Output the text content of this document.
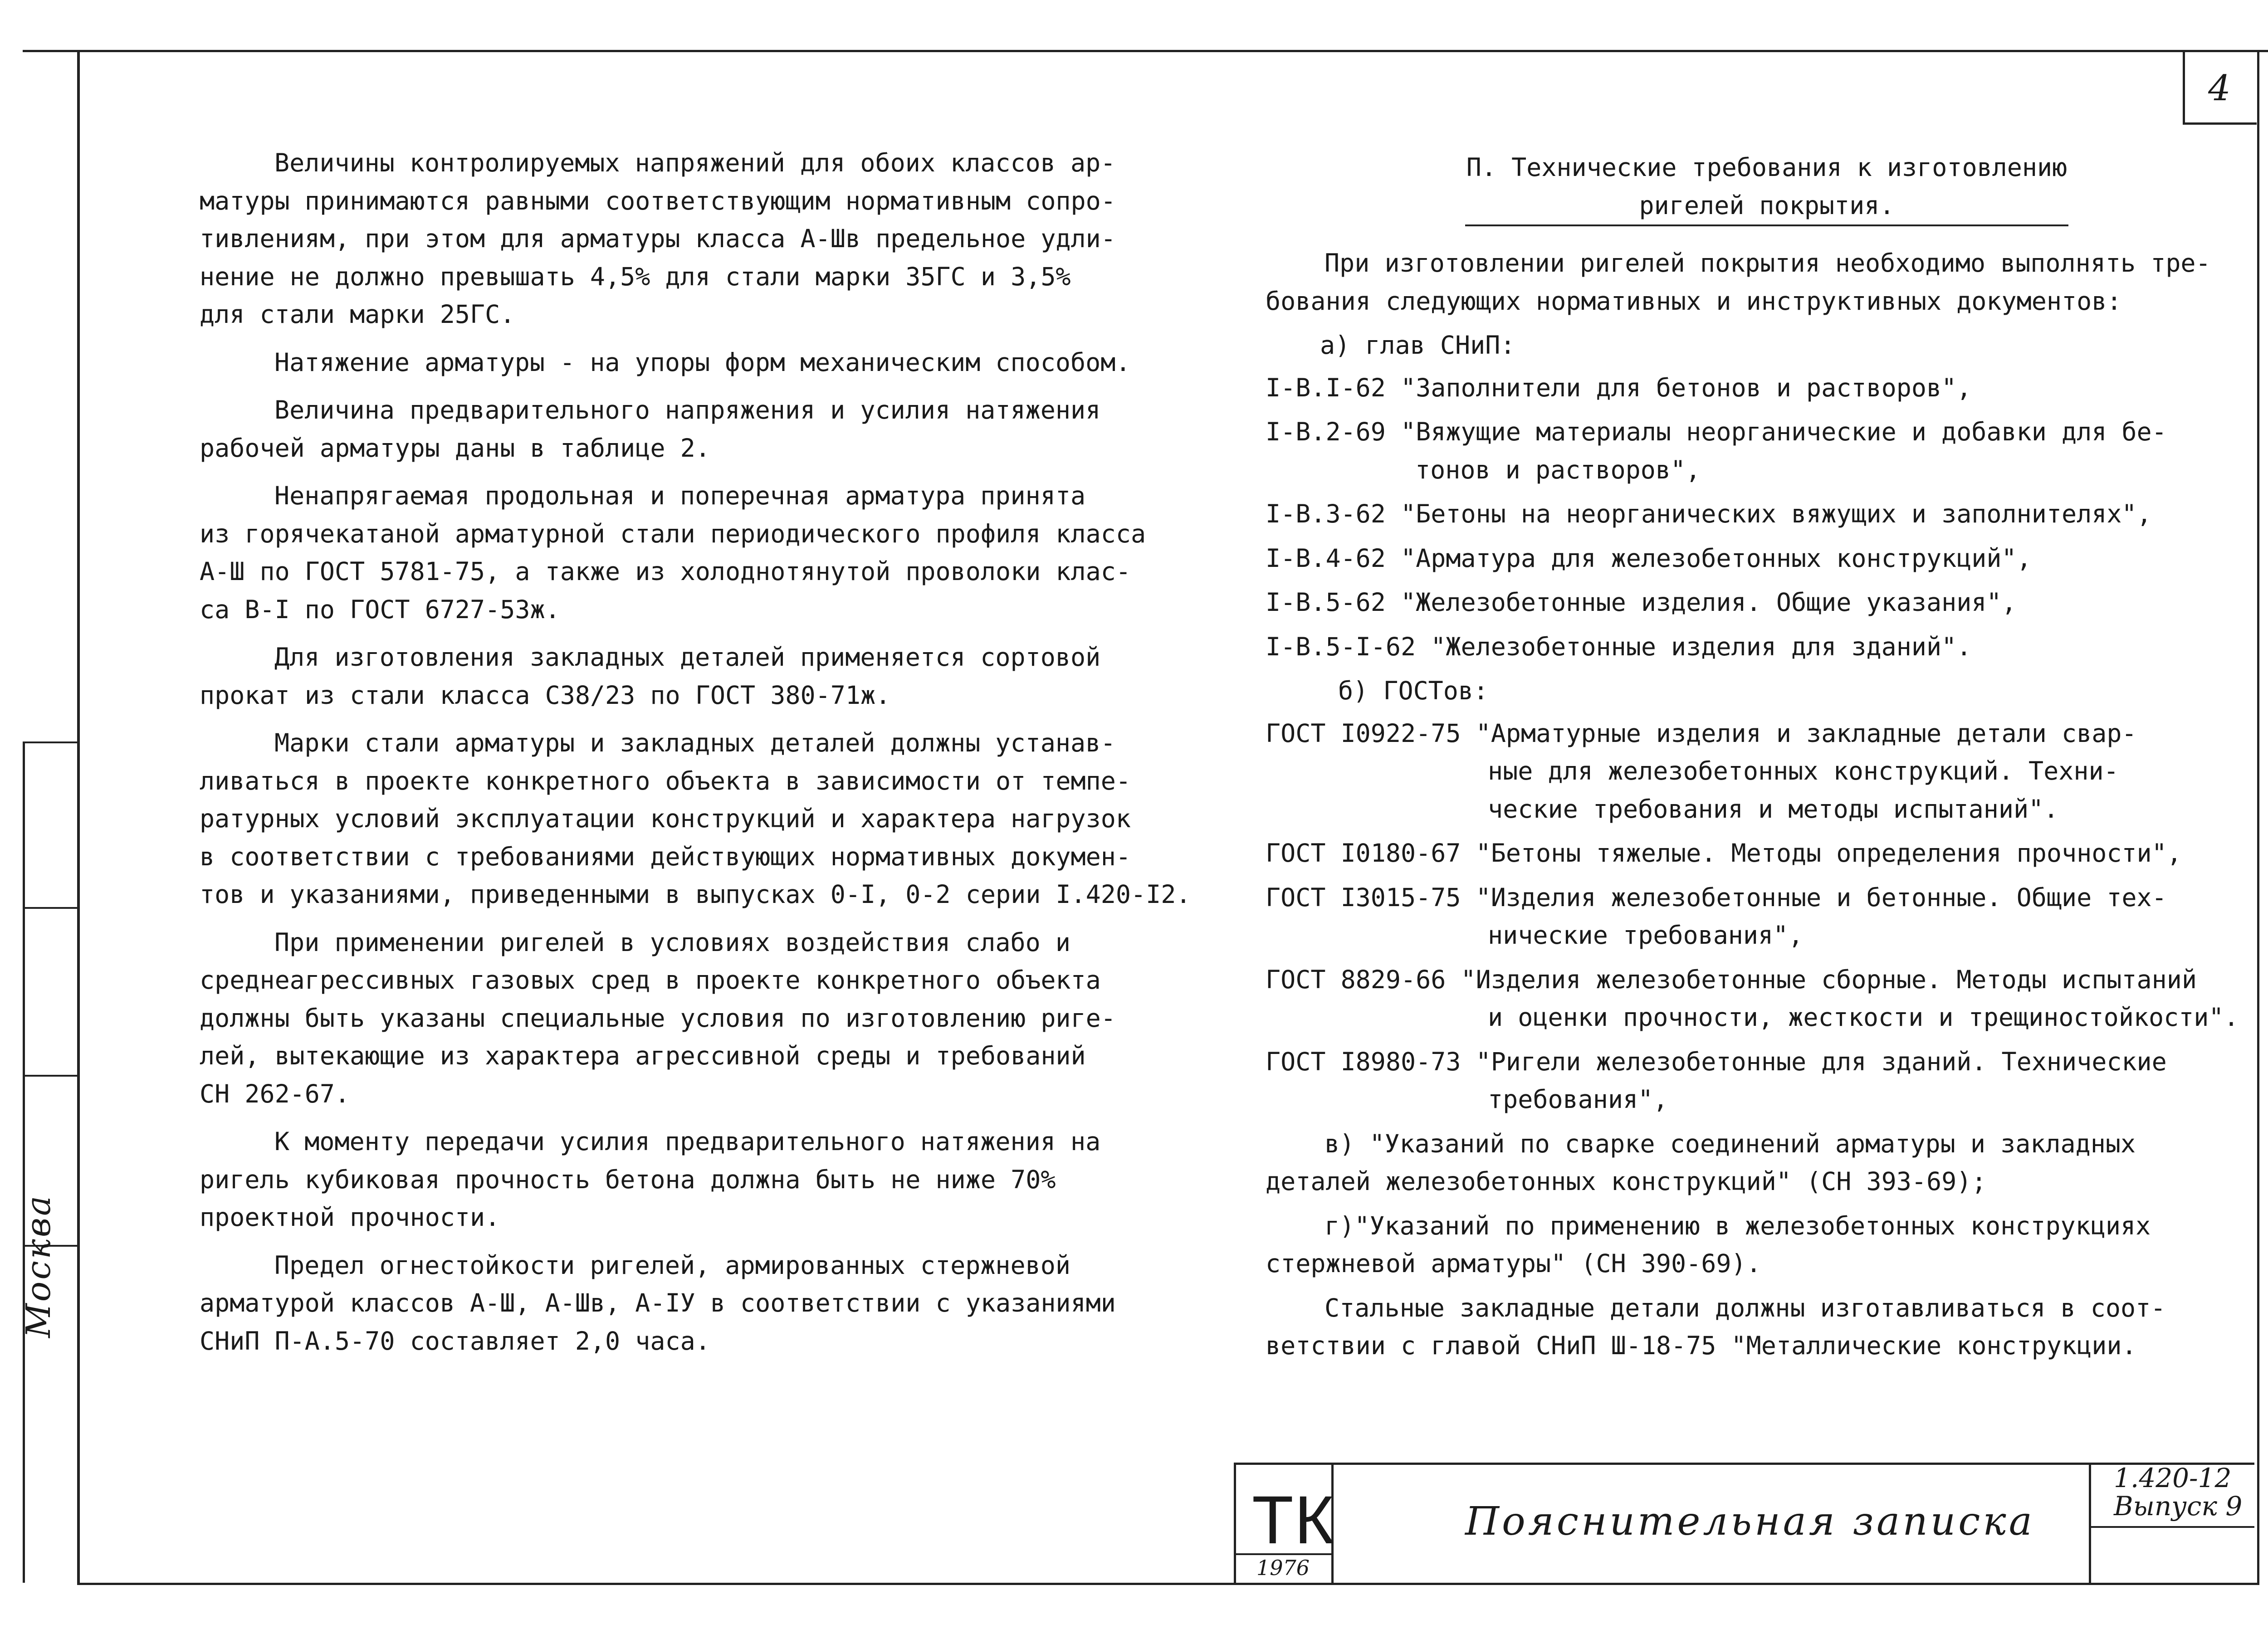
4
Москва
Величины контролируемых напряжений для обоих классов ар-
матуры принимаются равными соответствующим нормативным сопро-
тивлениям, при этом для арматуры класса А-Шв предельное удли-
нение не должно превышать 4,5% для стали марки 35ГС и 3,5%
для стали марки 25ГС.
Натяжение арматуры - на упоры форм механическим способом.
Величина предварительного напряжения и усилия натяжения
рабочей арматуры даны в таблице 2.
Ненапрягаемая продольная и поперечная арматура принята
из горячекатаной арматурной стали периодического профиля класса
А-Ш по ГОСТ 5781-75, а также из холоднотянутой проволоки клас-
са В-I по ГОСТ 6727-53ж.
Для изготовления закладных деталей применяется сортовой
прокат из стали класса С38/23 по ГОСТ 380-71ж.
Марки стали арматуры и закладных деталей должны устанав-
ливаться в проекте конкретного объекта в зависимости от темпе-
ратурных условий эксплуатации конструкций и характера нагрузок
в соответствии с требованиями действующих нормативных докумен-
тов и указаниями, приведенными в выпусках 0-I, 0-2 серии I.420-I2.
При применении ригелей в условиях воздействия слабо и
среднеагрессивных газовых сред в проекте конкретного объекта
должны быть указаны специальные условия по изготовлению риге-
лей, вытекающие из характера агрессивной среды и требований
СН 262-67.
К моменту передачи усилия предварительного натяжения на
ригель кубиковая прочность бетона должна быть не ниже 70%
проектной прочности.
Предел огнестойкости ригелей, армированных стержневой
арматурой классов А-Ш, А-Шв, А-IУ в соответствии с указаниями
СНиП П-А.5-70 составляет 2,0 часа.
П. Технические требования к изготовлению
ригелей покрытия.
При изготовлении ригелей покрытия необходимо выполнять тре-
бования следующих нормативных и инструктивных документов:
а) глав СНиП:
I-В.I-62 "Заполнители для бетонов и растворов",
I-В.2-69 "Вяжущие материалы неорганические и добавки для бе-
тонов и растворов",
I-В.3-62 "Бетоны на неорганических вяжущих и заполнителях",
I-В.4-62 "Арматура для железобетонных конструкций",
I-В.5-62 "Железобетонные изделия. Общие указания",
I-В.5-I-62 "Железобетонные изделия для зданий".
б) ГОСТов:
ГОСТ I0922-75 "Арматурные изделия и закладные детали свар-
ные для железобетонных конструкций. Техни-
ческие требования и методы испытаний".
ГОСТ I0180-67 "Бетоны тяжелые. Методы определения прочности",
ГОСТ I3015-75 "Изделия железобетонные и бетонные. Общие тех-
нические требования",
ГОСТ 8829-66 "Изделия железобетонные сборные. Методы испытаний
и оценки прочности, жесткости и трещиностойкости".
ГОСТ I8980-73 "Ригели железобетонные для зданий. Технические
требования",
в) "Указаний по сварке соединений арматуры и закладных
деталей железобетонных конструкций" (СН 393-69);
г)"Указаний по применению в железобетонных конструкциях
стержневой арматуры" (СН 390-69).
Стальные закладные детали должны изготавливаться в соот-
ветствии с главой СНиП Ш-18-75 "Металлические конструкции.
ТК
1976
Пояснительная записка
1.420-12
Выпуск 9
